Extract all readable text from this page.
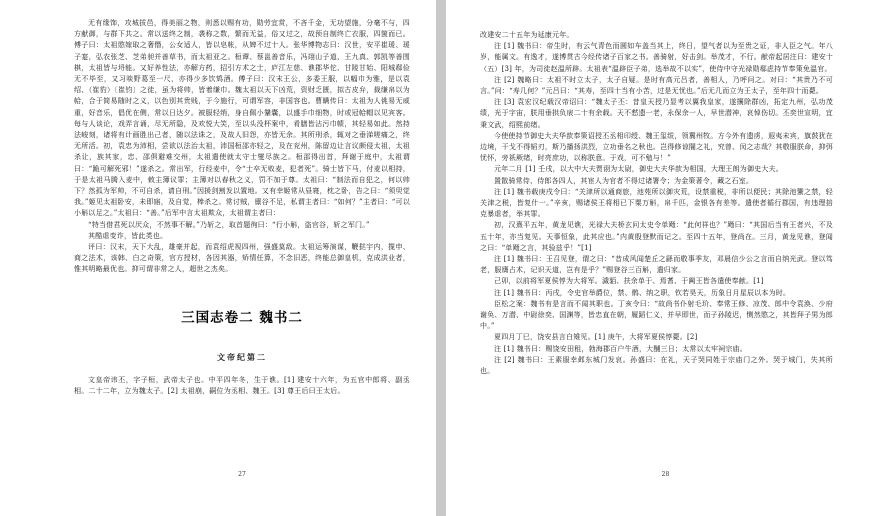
无有缘饰，攻城拔邑，得美丽之物，则悉以赐有功，勋劳宜赏，不吝千金，无功望施，分毫不与，四方献御，与群下共之。常以送终之制，袭称之数，繁而无益，俗又过之，故预自制终亡衣服，四箧而已。傅子曰：太祖愍嫁取之奢僭，公女适人，皆以皂帐，从婢不过十人。张华博物志曰：汉世，安平崔瑗、瑗子寔，弘农张芝、芝弟昶并善草书，而太祖亚之。桓谭、蔡邕善音乐，冯翊山子道、王九真、郭凯等善围棋，太祖皆与埒能。又好养性法，亦解方药，招引方术之士，庐江左慈、谯郡华佗、甘陵甘始、阳城郗俭无不毕至，又习啖野葛至一尺，亦得少多饮鸩酒。傅子曰：汉末王公，多委王服，以幅巾为雅，是以袁绍、（崔豹）〔崔钧〕之徒，虽为将帅，皆着缣巾。魏太祖以天下凶荒，资财乏匮，拟古皮弁，裁缣帛以为帢，合于简易随时之义，以色别其贵贱，于今施行，可谓军容，非国容也。曹瞒传曰：太祖为人佻易无威重，好音乐，倡优在侧，常以日达夕。被服轻绡，身自佩小鞶囊，以盛手巾细物，时或冠帢帽以见宾客。每与人谈论，戏弄言诵，尽无所隐，及欢悦大笑，至以头没杯案中，肴膳皆沾污巾帻，其轻易如此。然持法峻刻，诸将有计画胜出己者，随以法诛之，及故人旧怨，亦皆无余。其所刑杀，辄对之垂涕嗟痛之，终无所活。初，袁忠为沛相，尝欲以法治太祖，沛国桓邵亦轻之，及在兖州，陈留边让言议颇侵太祖，太祖杀让，族其家，忠、邵俱避难交州，太祖遣使就太守士燮尽族之。桓邵得出首，拜谢于庭中，太祖谓曰：“跪可解死邪！”遂杀之。常出军，行经麦中，令“士卒无败麦，犯者死”。骑士皆下马，付麦以相持，于是太祖马腾入麦中，敕主簿议罪；主簿对以春秋之义，罚不加于尊。太祖曰：“制法而自犯之，何以帅下？然孤为军帅，不可自杀，请自刑。”因援剑割发以置地。又有幸姬常从昼寝，枕之卧，告之曰：“须臾觉我。”姬见太祖卧安，未即寤，及自觉，棒杀之。常讨贼，廪谷不足，私谓主者曰：“如何？”主者曰：“可以小斛以足之。”太祖曰：“善。”后军中言太祖欺众，太祖谓主者曰：

“特当借君死以厌众，不然事不解。”乃斩之，取首题徇曰：“行小斛，盗官谷，斩之军门。”

其酷虐变诈，皆此类也。

评曰：汉末，天下大乱，雄豪并起，而袁绍虎视四州，强盛莫敌。太祖运筹演谋，鞭挞宇内，揽申、商之法术，该韩、白之奇策，官方授材，各因其器，矫情任算，不念旧恶，终能总御皇机，克成洪业者，惟其明略最优也。抑可谓非常之人，超世之杰矣。

三国志卷二 魏书二
文帝纪第二

文皇帝讳丕，字子桓，武帝太子也。中平四年冬，生于谯。[1] 建安十六年，为五官中郎将、副丞相。二十二年，立为魏太子。[2] 太祖崩，嗣位为丞相、魏王。[3] 尊王后曰王太后。

27

改建安二十五年为延康元年。

注 [1] 魏书曰：帝生时，有云气青色而圆如车盖当其上，终日，望气者以为至贵之证，非人臣之气。年八岁，能属文。有逸才，遂博贯古今经传诸子百家之书。善骑射，好击剑。举茂才，不行。献帝起居注曰：建安十（五）[3] 年，为司徒赵温所辟。太祖表“温辟臣子弟，选举故不以实”，使侍中守光禄勋郗虑持节奉策免温官。

注 [2] 魏略曰：太祖不时立太子，太子自疑。是时有高元吕者，善相人，乃呼问之。对曰：“其贵乃不可言。”问：“寿几何？”元吕曰：“其寿，至四十当有小苦，过是无忧也。”后无几而立为王太子，至年四十而薨。

注 [3] 袁宏汉纪载汉帝诏曰：“魏太子丕：昔皇天授乃显考以翼我皇家，遂攘除群凶，拓定九州，弘功茂绩，光于宇宙，朕用垂拱负扆二十有余载。天不慭遗一老，永保余一人，早世潜神，哀悼伤切。丕奕世宣明，宜秉文武，绍熙前绪。

今使使持节御史大夫华歆奉策诏授丕丞相印绶、魏王玺绂，领冀州牧。方今外有遗虏，遐夷未宾，旗鼓犹在边境，干戈不得韬刃，斯乃播扬洪烈，立功垂名之秋也。岂得修谅闇之礼，究曾、闵之志哉？其敬服朕命，抑弭忧怀，旁祇厥绪，时亮庶功，以称朕意。于戏，可不勉与！”

元年二月 [1] 壬戌，以大中大夫贾诩为太尉，御史大夫华歆为相国，大理王朗为御史大夫。

置散骑常侍、侍郎各四人，其宦人为官者不得过诸署令；为金策著令，藏之石室。

注 [1] 魏书载庚戌令曰：“关津所以通商旅，池苑所以御灾荒，设禁重税，非所以便民；其除池籞之禁，轻关津之税，皆复什一。”辛亥，赐诸侯王将相已下粟万斛，帛千匹，金银各有差等。遣使者循行郡国，有违理掊克暴虐者，举其罪。

初，汉熹平五年，黄龙见谯，光禄大夫桥玄问太史令单飏：“此何祥也？”飏曰：“其国后当有王者兴，不及五十年，亦当复见。天事恒象，此其应也。”内黄殷登默而记之。至四十五年，登尚在。三月，黄龙见谯，登闻之曰：“单飏之言，其验兹乎！”[1]

注 [1] 魏书曰：王召见登，谓之曰：“昔成风闻楚丘之繇而敬事季友，邓晨信少公之言而自纳光武。登以笃老，服膺占术，记识天道，岂有是乎？”赐登谷三百斛，遣归家。

己卯，以前将军夏侯惇为大将军。濊貊、扶余单于、焉耆、于阗王皆各遣使奉献。[1]

注 [1] 魏书曰：丙戌，令史官举爵位，禁、鹘、纳之职，钦若昊天，历象日月星辰以本为时。

臣松之案：魏书有是言而不闻其职也。丁亥令曰：“故尚书仆射毛玠、奉常王修、凉茂、郎中令袁涣、少府谢奂、万潜、中尉徐奕、国渊等，皆忠直在朝，履蹈仁义，并早即世，而子孙陵迟，恻然愍之，其皆拜子男为郎中。”

夏四月丁巳，饶安县言白雉见。[1] 庚午，大将军夏侯惇薨。[2]

注 [1] 魏书曰：赐饶安田租，勃海郡百户牛酒，大酺三日；太常以太牢祠宗庙。

注 [2] 魏书曰：王素服幸邺东城门发哀。孙盛曰：在礼，天子哭同姓于宗庙门之外。哭于城门，失其所也。

28
